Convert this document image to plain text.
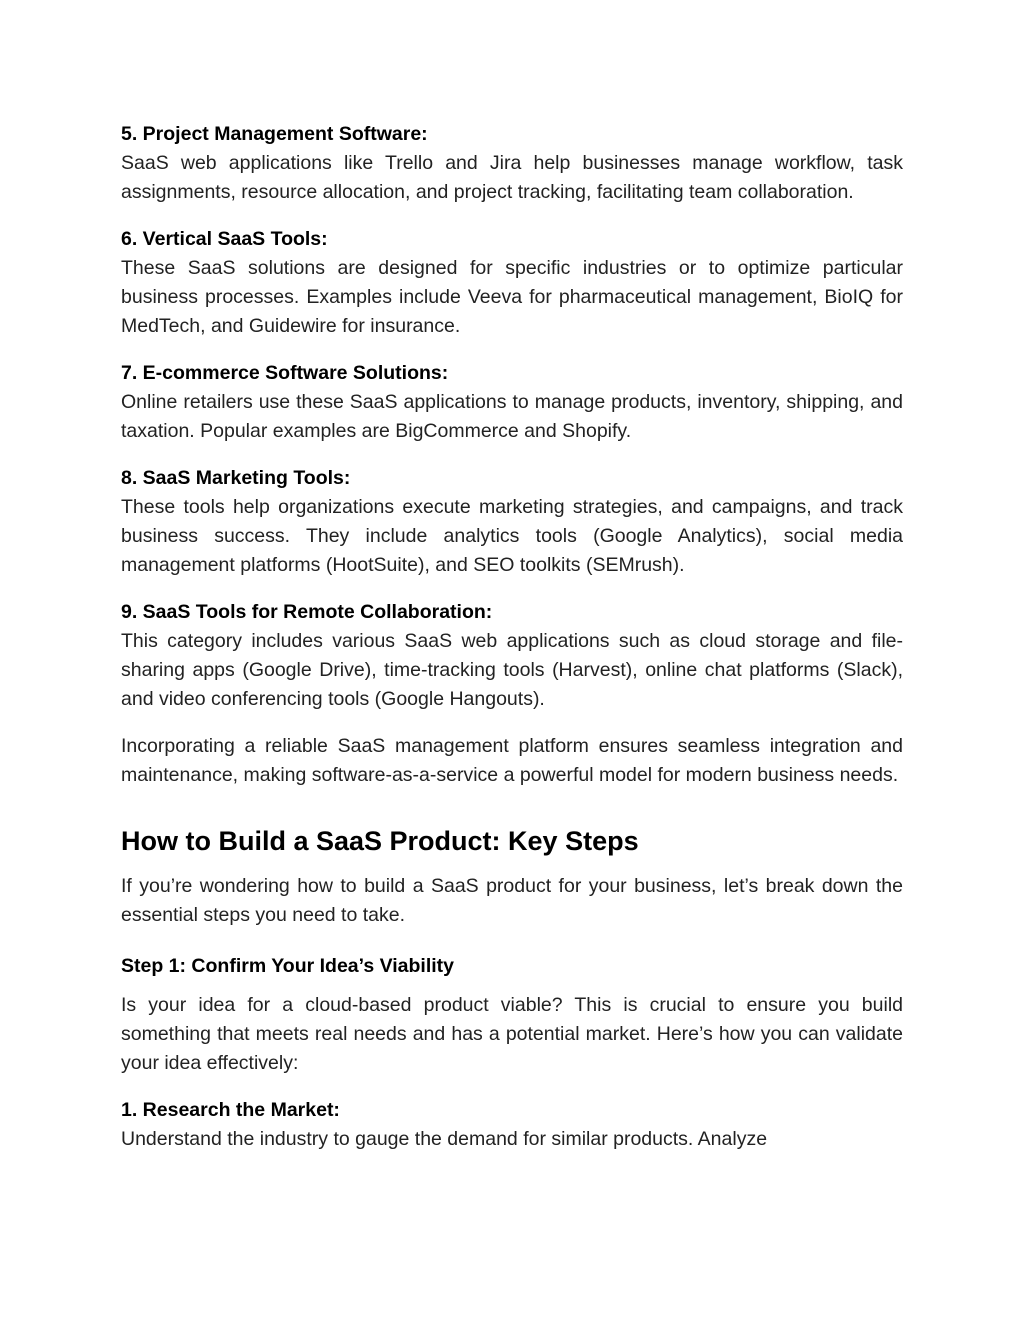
5. Project Management Software:

SaaS web applications like Trello and Jira help businesses manage workflow, task assignments, resource allocation, and project tracking, facilitating team collaboration.

6. Vertical SaaS Tools:

These SaaS solutions are designed for specific industries or to optimize particular business processes. Examples include Veeva for pharmaceutical management, BioIQ for MedTech, and Guidewire for insurance.

7. E-commerce Software Solutions:

Online retailers use these SaaS applications to manage products, inventory, shipping, and taxation. Popular examples are BigCommerce and Shopify.

8. SaaS Marketing Tools:

These tools help organizations execute marketing strategies, and campaigns, and track business success. They include analytics tools (Google Analytics), social media management platforms (HootSuite), and SEO toolkits (SEMrush).

9. SaaS Tools for Remote Collaboration:

This category includes various SaaS web applications such as cloud storage and file-sharing apps (Google Drive), time-tracking tools (Harvest), online chat platforms (Slack), and video conferencing tools (Google Hangouts).

Incorporating a reliable SaaS management platform ensures seamless integration and maintenance, making software-as-a-service a powerful model for modern business needs.

How to Build a SaaS Product: Key Steps

If you’re wondering how to build a SaaS product for your business, let’s break down the essential steps you need to take.

Step 1: Confirm Your Idea’s Viability

Is your idea for a cloud-based product viable? This is crucial to ensure you build something that meets real needs and has a potential market. Here’s how you can validate your idea effectively:

1. Research the Market:

Understand the industry to gauge the demand for similar products. Analyze
